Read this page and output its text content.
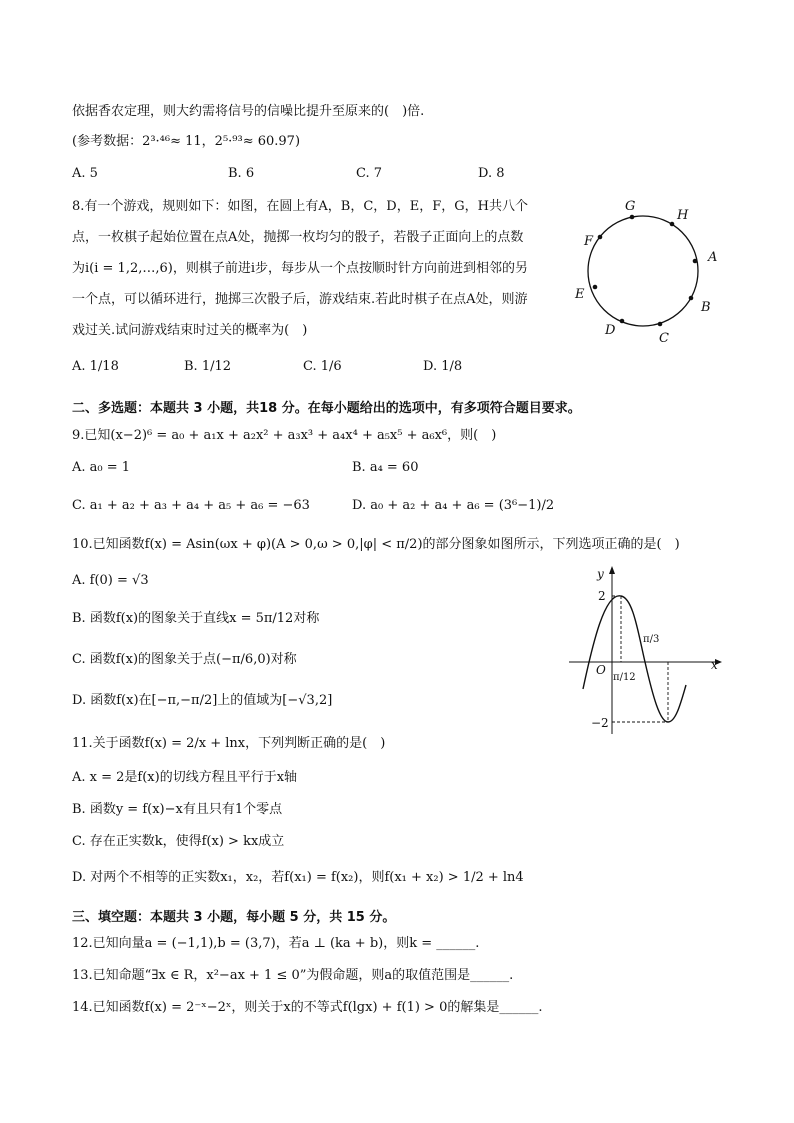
依据香农定理，则大约需将信号的信噪比提升至原来的(　)倍.
(参考数据：2³·⁴⁶≈ 11，2⁵·⁹³≈ 60.97)
A. 5	B. 6	C. 7	D. 8
8.有一个游戏，规则如下：如图，在圆上有A，B，C，D，E，F，G，H共八个
点，一枚棋子起始位置在点A处，抛掷一枚均匀的骰子，若骰子正面向上的点数
为i(i = 1,2,…,6)，则棋子前进i步，每步从一个点按顺时针方向前进到相邻的另
一个点，可以循环进行，抛掷三次骰子后，游戏结束.若此时棋子在点A处，则游
戏过关.试问游戏结束时过关的概率为(　)
A. 1/18	B. 1/12	C. 1/6	D. 1/8
A
B
C
D
E
F
G
H
二、多选题：本题共 3 小题，共18 分。在每小题给出的选项中，有多项符合题目要求。
9.已知(x−2)⁶ = a₀ + a₁x + a₂x² + a₃x³ + a₄x⁴ + a₅x⁵ + a₆x⁶，则(　)
A. a₀ = 1	B. a₄ = 60
C. a₁ + a₂ + a₃ + a₄ + a₅ + a₆ = −63	D. a₀ + a₂ + a₄ + a₆ = (3⁶−1)/2
10.已知函数f(x) = Asin(ωx + φ)(A > 0,ω > 0,|φ| < π/2)的部分图象如图所示，下列选项正确的是(　)
A. f(0) = √3
B. 函数f(x)的图象关于直线x = 5π/12对称
C. 函数f(x)的图象关于点(−π/6,0)对称
D. 函数f(x)在[−π,−π/2]上的值域为[−√3,2]
y
x
O
2
−2
π/12
π/3
11.关于函数f(x) = 2/x + lnx，下列判断正确的是(　)
A. x = 2是f(x)的切线方程且平行于x轴
B. 函数y = f(x)−x有且只有1个零点
C. 存在正实数k，使得f(x) > kx成立
D. 对两个不相等的正实数x₁，x₂，若f(x₁) = f(x₂)，则f(x₁ + x₂) > 1/2 + ln4
三、填空题：本题共 3 小题，每小题 5 分，共 15 分。
12.已知向量a = (−1,1),b = (3,7)，若a ⊥ (ka + b)，则k = ______.
13.已知命题“∃x ∈ R，x²−ax + 1 ≤ 0”为假命题，则a的取值范围是______.
14.已知函数f(x) = 2⁻ˣ−2ˣ，则关于x的不等式f(lgx) + f(1) > 0的解集是______.
